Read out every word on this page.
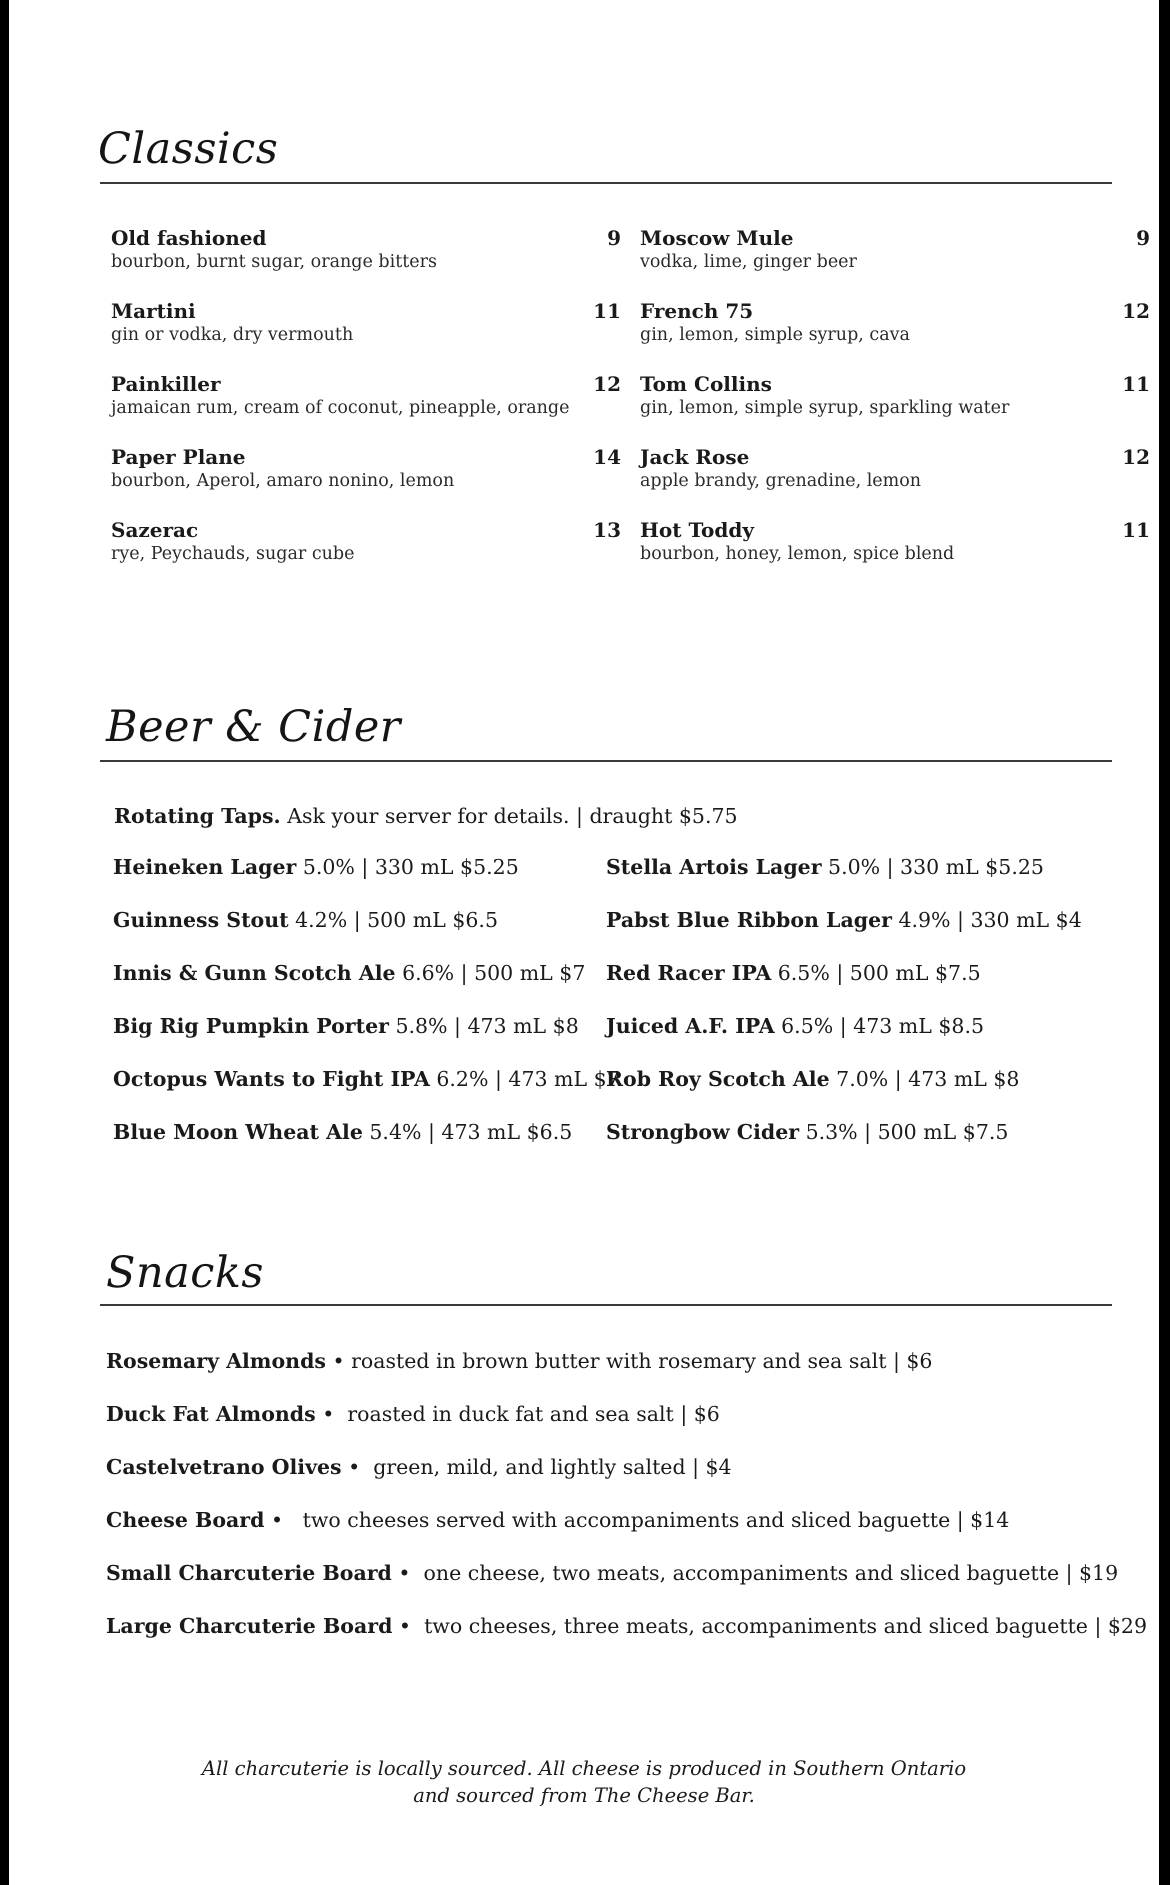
Classics
Old fashioned
bourbon, burnt sugar, orange bitters
9 Moscow Mule
vodka, lime, ginger beer
9
Martini
gin or vodka, dry vermouth
11 French 75
gin, lemon, simple syrup, cava
12
Painkiller
jamaican rum, cream of coconut, pineapple, orange
12 Tom Collins
gin, lemon, simple syrup, sparkling water
11
Paper Plane
bourbon, Aperol, amaro nonino, lemon
14 Jack Rose
apple brandy, grenadine, lemon
12
Sazerac
rye, Peychauds, sugar cube
13 Hot Toddy
bourbon, honey, lemon, spice blend
11
Beer & Cider
Rotating Taps. Ask your server for details. | draught $5.75
Heineken Lager 5.0% | 330 mL $5.25	Stella Artois Lager 5.0% | 330 mL $5.25
Guinness Stout 4.2% | 500 mL $6.5	Pabst Blue Ribbon Lager 4.9% | 330 mL $4
Innis & Gunn Scotch Ale 6.6% | 500 mL $7 Red Racer IPA 6.5% | 500 mL $7.5
Big Rig Pumpkin Porter 5.8% | 473 mL $8 Juiced A.F. IPA 6.5% | 473 mL $8.5
Octopus Wants to Fight IPA 6.2% | 473 mL $7
Rob Roy Scotch Ale 7.0% | 473 mL $8
Blue Moon Wheat Ale 5.4% | 473 mL $6.5 Strongbow Cider 5.3% | 500 mL $7.5
Snacks
Rosemary Almonds • roasted in brown butter with rosemary and sea salt | $6
Duck Fat Almonds •  roasted in duck fat and sea salt | $6
Castelvetrano Olives •  green, mild, and lightly salted | $4
Cheese Board •   two cheeses served with accompaniments and sliced baguette | $14
Small Charcuterie Board •  one cheese, two meats, accompaniments and sliced baguette | $19
Large Charcuterie Board •  two cheeses, three meats, accompaniments and sliced baguette | $29

All charcuterie is locally sourced. All cheese is produced in Southern Ontario
and sourced from The Cheese Bar.
